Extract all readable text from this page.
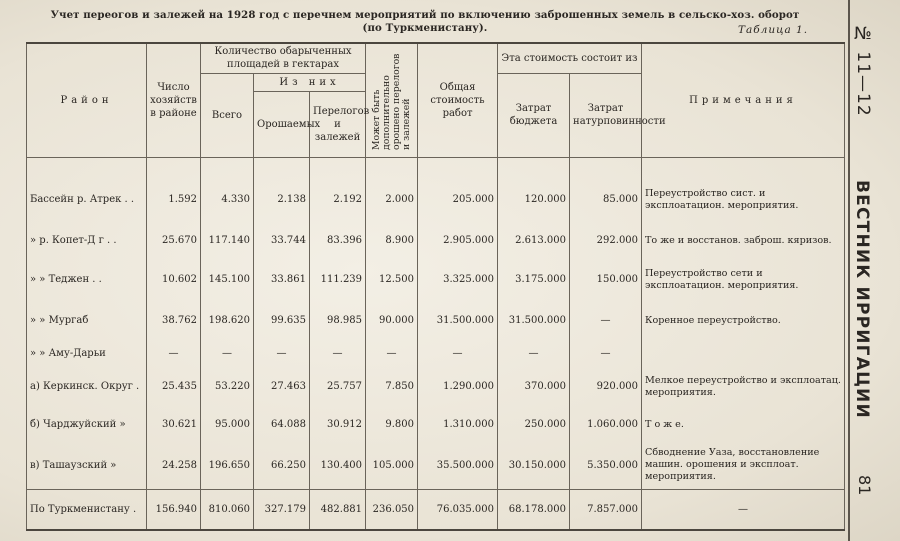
Учет переогов и залежей на 1928 год с перечнем мероприятий по включению заброшенных земель в сельско-хоз. оборот
(по Туркменистану).	Таблица 1.	№ 11—12
ВЕСТНИК ИРРИГАЦИИ
81
Район	Число хозяйств в районе	Количество обарыченных площадей в гектарах			Может быть дополнительно орошено перелогов и залежей	Общая стоимость работ	Эта стоимость состоит из		Примечания
		Всего	Из них				Затрат бюджета	Затрат натурповинности	
			Орошаемых	Перелогов и залежей					

Бассейн р. Атрек . .	1.592	4.330	2.138	2.192	2.000	205.000	120.000	85.000	Переустройство сист. и эксплоатацион. мероприятия.
» р. Копет-Д г . .	25.670	117.140	33.744	83.396	8.900	2.905.000	2.613.000	292.000	То же и восстанов. заброш. кяризов.
» » Теджен . .	10.602	145.100	33.861	111.239	12.500	3.325.000	3.175.000	150.000	Переустройство сети и эксплоатацион. мероприятия.
» » Мургаб	38.762	198.620	99.635	98.985	90.000	31.500.000	31.500.000	—	Коренное переустройство.
» » Аму-Дарьи	—	—	—	—	—	—	—	—	
а) Керкинск. Округ .	25.435	53.220	27.463	25.757	7.850	1.290.000	370.000	920.000	Мелкое переустройство и эксплоатац. мероприятия.
б) Чарджуйский »	30.621	95.000	64.088	30.912	9.800	1.310.000	250.000	1.060.000	Т о ж е.
в) Ташаузский »	24.258	196.650	66.250	130.400	105.000	35.500.000	30.150.000	5.350.000	Сбводнение Уаза, восстановление машин. орошения и эксплоат. мероприятия.
По Туркменистану .	156.940	810.060	327.179	482.881	236.050	76.035.000	68.178.000	7.857.000	—
